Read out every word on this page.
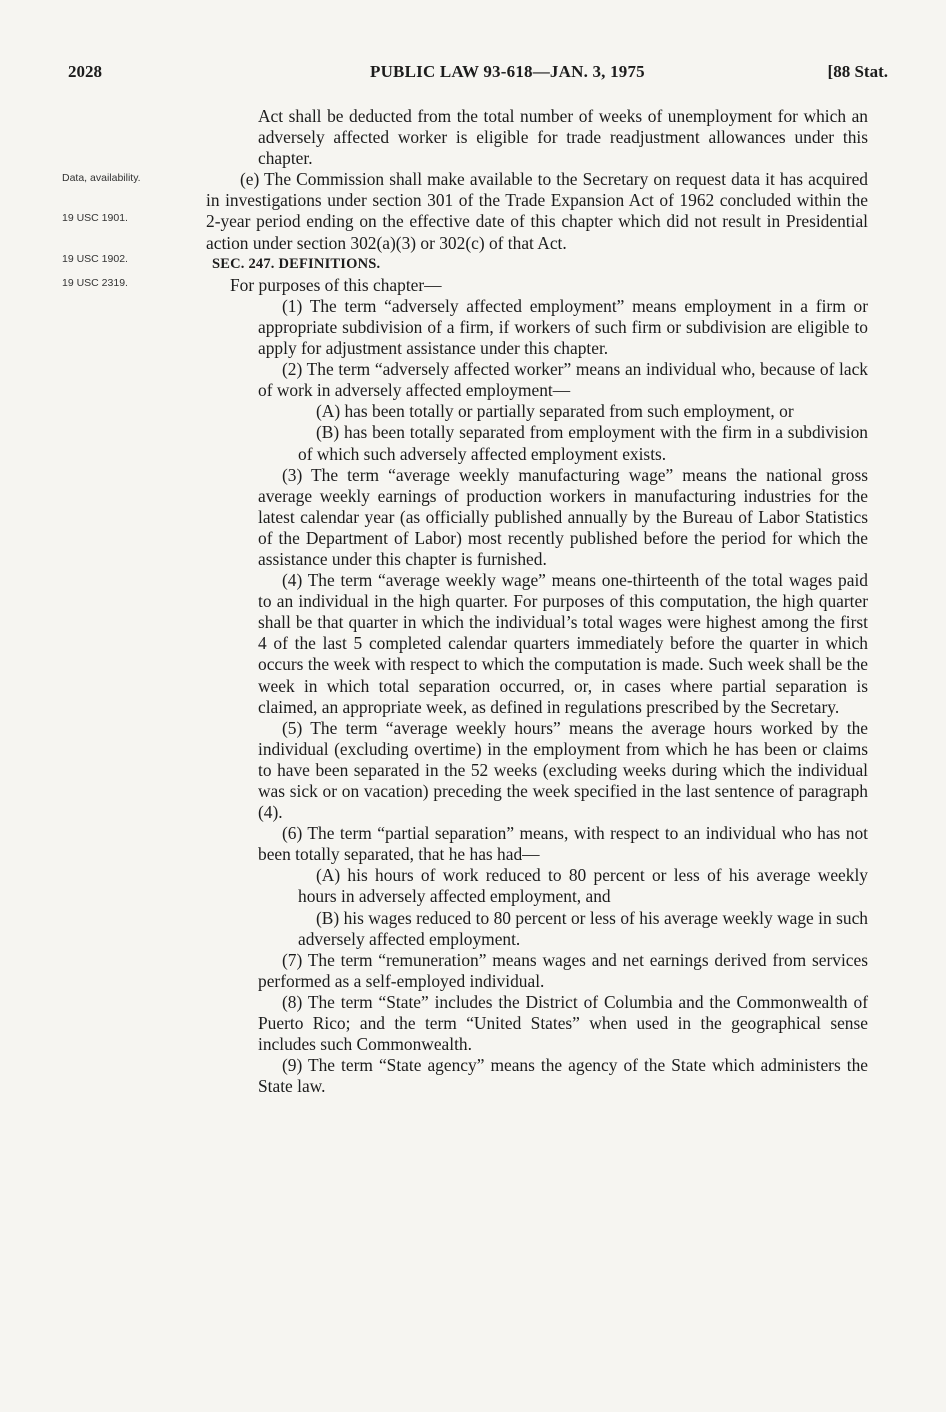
2028	PUBLIC LAW 93-618—JAN. 3, 1975	[88 Stat.
Data, availability.
19 USC 1901.
19 USC 1902.
19 USC 2319.

Act shall be deducted from the total number of weeks of unemployment for which an adversely affected worker is eligible for trade readjustment allowances under this chapter.

(e) The Commission shall make available to the Secretary on request data it has acquired in investigations under section 301 of the Trade Expansion Act of 1962 concluded within the 2-year period ending on the effective date of this chapter which did not result in Presidential action under section 302(a)(3) or 302(c) of that Act.

SEC. 247. DEFINITIONS.

For purposes of this chapter—

(1) The term “adversely affected employment” means employment in a firm or appropriate subdivision of a firm, if workers of such firm or subdivision are eligible to apply for adjustment assistance under this chapter.

(2) The term “adversely affected worker” means an individual who, because of lack of work in adversely affected employment—

(A) has been totally or partially separated from such employment, or

(B) has been totally separated from employment with the firm in a subdivision of which such adversely affected employment exists.

(3) The term “average weekly manufacturing wage” means the national gross average weekly earnings of production workers in manufacturing industries for the latest calendar year (as officially published annually by the Bureau of Labor Statistics of the Department of Labor) most recently published before the period for which the assistance under this chapter is furnished.

(4) The term “average weekly wage” means one-thirteenth of the total wages paid to an individual in the high quarter. For purposes of this computation, the high quarter shall be that quarter in which the individual’s total wages were highest among the first 4 of the last 5 completed calendar quarters immediately before the quarter in which occurs the week with respect to which the computation is made. Such week shall be the week in which total separation occurred, or, in cases where partial separation is claimed, an appropriate week, as defined in regulations prescribed by the Secretary.

(5) The term “average weekly hours” means the average hours worked by the individual (excluding overtime) in the employment from which he has been or claims to have been separated in the 52 weeks (excluding weeks during which the individual was sick or on vacation) preceding the week specified in the last sentence of paragraph (4).

(6) The term “partial separation” means, with respect to an individual who has not been totally separated, that he has had—

(A) his hours of work reduced to 80 percent or less of his average weekly hours in adversely affected employment, and

(B) his wages reduced to 80 percent or less of his average weekly wage in such adversely affected employment.

(7) The term “remuneration” means wages and net earnings derived from services performed as a self-employed individual.

(8) The term “State” includes the District of Columbia and the Commonwealth of Puerto Rico; and the term “United States” when used in the geographical sense includes such Commonwealth.

(9) The term “State agency” means the agency of the State which administers the State law.
